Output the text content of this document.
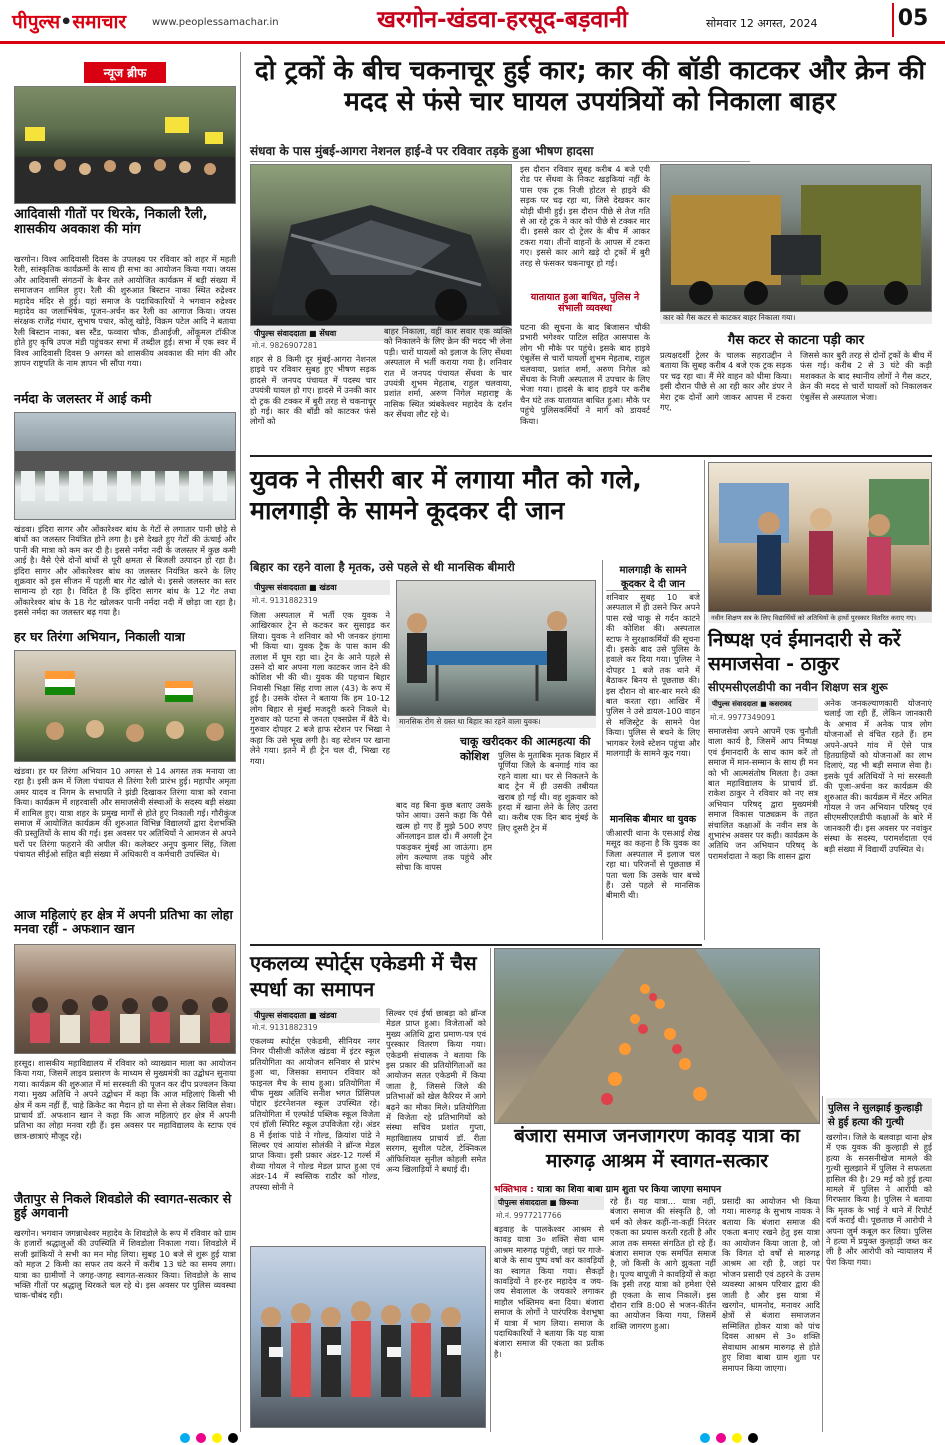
पीपुल्स•समाचार	www.peoplessamachar.in	खरगोन-खंडवा-हरसूद-बड़वानी	सोमवार 12 अगस्त, 2024	05
न्यूज ब्रीफ
आदिवासी गीतों पर थिरके, निकाली रैली, शासकीय अवकाश की मांग
खरगोन। विश्व आदिवासी दिवस के उपलक्ष्य पर रविवार को शहर में महती रैली, सांस्कृतिक कार्यक्रमों के साथ ही सभा का आयोजन किया गया। जयस और आदिवासी संगठनों के बैनर तले आयोजित कार्यक्रम में बड़ी संख्या में समाजजन शामिल हुए। रैली की शुरुआत बिस्टान नाका स्थित रुद्रेश्वर महादेव मंदिर से हुई। यहां समाज के पदाधिकारियों ने भगवान रुद्रेश्वर महादेव का जलाभिषेक, पूजन-अर्चन कर रैली का आगाज किया। जयस संरक्षक राजेंद्र गंधार, सुभाष पचार, कोलू खोड़े, विक्रम पटेल आदि ने बताया रैली बिस्टान नाका, बस स्टैंड, फव्वारा चौक, डीआईजी, ओंकूमल टॉकीज होते हुए कृषि उपज मंडी पहुंचकर सभा में तब्दील हुई। सभा में एक स्वर में विश्व आदिवासी दिवस 9 अगस्त को शासकीय अवकाश की मांग की और ज्ञापन राष्ट्रपति के नाम ज्ञापन भी सौंपा गया।
नर्मदा के जलस्तर में आई कमी
खंडवा। इंदिरा सागर और ओंकारेश्वर बांध के गेटों से लगातार पानी छोड़े से बांधों का जलस्तर नियंत्रित होने लगा है। इसे देखते हुए गेटों की ऊंचाई और पानी की मात्रा को कम कर दी है। इससे नर्मदा नदी के जलस्तर में कुछ कमी आई है। वैसे ऐसे दोनों बांधों से पूरी क्षमता से बिजली उत्पादन हो रहा है। इंदिरा सागर और ओंकारेश्वर बांध का जलस्तर नियंत्रित करने के लिए शुक्रवार को इस सीजन में पहली बार गेट खोले थे। इससे जलस्तर का स्तर सामान्य हो रहा है। विदित है कि इंदिरा सागर बांध के 12 गेट तथा ओंकारेश्वर बांध के 18 गेट खोलकर पानी नर्मदा नदी में छोड़ा जा रहा है। इससे नर्मदा का जलस्तर बढ़ गया है।
हर घर तिरंगा अभियान, निकाली यात्रा
खंडवा। हर घर तिरंगा अभियान 10 अगस्त से 14 अगस्त तक मनाया जा रहा है। इसी क्रम में जिला पंचायत से तिरंगा रैली प्रारंभ हुई। महापौर अमृता अमर यादव व निगम के सभापति ने झंडी दिखाकर तिरंगा यात्रा को रवाना किया। कार्यक्रम में शहरवासी और समाजसेवी संस्थाओं के सदस्य बड़ी संख्या में शामिल हुए। यात्रा शहर के प्रमुख मार्गों से होते हुए निकाली गई। गौरीकुंज समाज में आयोजित कार्यक्रम की शुरुआत विभिन्न विद्यालयों द्वारा देशभक्ति की प्रस्तुतियों के साथ की गई। इस अवसर पर अतिथियों ने आमजन से अपने घरों पर तिरंगा फहराने की अपील की। कलेक्टर अनूप कुमार सिंह, जिला पंचायत सीईओ सहित बड़ी संख्या में अधिकारी व कर्मचारी उपस्थित थे।
आज महिलाएं हर क्षेत्र में अपनी प्रतिभा का लोहा मनवा रहीं - अफशान खान
हरसूद। शासकीय महाविद्यालय में रविवार को व्याख्यान माला का आयोजन किया गया, जिसमें लाइव प्रसारण के माध्यम से मुख्यमंत्री का उद्बोधन सुनाया गया। कार्यक्रम की शुरुआत में मां सरस्वती की पूजन कर दीप प्रज्वलन किया गया। मुख्य अतिथि ने अपने उद्बोधन में कहा कि आज महिलाएं किसी भी क्षेत्र में कम नहीं हैं, चाहे क्रिकेट का मैदान हो या सेना से लेकर सिविल सेवा। प्राचार्य डॉ. अफशान खान ने कहा कि आज महिलाएं हर क्षेत्र में अपनी प्रतिभा का लोहा मनवा रही हैं। इस अवसर पर महाविद्यालय के स्टाफ एवं छात्र-छात्राएं मौजूद रहे।
जैतापुर से निकले शिवडोले की स्वागत-सत्कार से हुई अगवानी
खरगोन। भगवान जगन्नाथेश्वर महादेव के शिवडोले के रूप में रविवार को ग्राम के हजारों श्रद्धालुओं की उपस्थिति में शिवडोला निकाला गया। शिवडोले में सजी झांकियों ने सभी का मन मोह लिया। सुबह 10 बजे से शुरू हुई यात्रा को महज 2 किमी का सफर तय करने में करीब 13 घंटे का समय लगा। यात्रा का ग्रामीणों ने जगह-जगह स्वागत-सत्कार किया। शिवडोले के साथ भक्ति गीतों पर श्रद्धालु थिरकते चल रहे थे। इस अवसर पर पुलिस व्यवस्था चाक-चौबंद रही।
दो ट्रकों के बीच चकनाचूर हुई कार; कार की बॉडी काटकर और क्रेन की मदद से फंसे चार घायल उपयंत्रियों को निकाला बाहर
संधवा के पास मुंबई-आगरा नेशनल हाई-वे पर रविवार तड़के हुआ भीषण हादसा
पीपुल्स संवाददाता ■ सेंधवा
मो.नं. 9826907281
शहर से 8 किमी दूर मुंबई-आगरा नेशनल हाइवे पर रविवार सुबह हुए भीषण सड़क हादसे में जनपद पंचायत में पदस्थ चार उपयंत्री घायल हो गए। हादसे में उनकी कार दो ट्रक की टक्कर में बुरी तरह से चकनाचूर हो गई। कार की बॉडी को काटकर फंसे लोगों को
बाहर निकाला, वहीं कार सवार एक व्यक्ति को निकालने के लिए क्रेन की मदद भी लेना पड़ी। चारों घायलों को इलाज के लिए सेंधवा अस्पताल में भर्ती कराया गया है। शनिवार रात में जनपद पंचायत सेंधवा के चार उपयंत्री शुभम मेहताब, राहुल चलवाया, प्रशांत शर्मा, अरुण निगेल महाराष्ट्र के नासिक स्थित त्र्यंबकेश्वर महादेव के दर्शन कर सेंधवा लौट रहे थे।
इस दौरान रविवार सुबह करीब 4 बजे एवी रोड पर सेंधवा के निकट खड़कियां नहीं के पास एक ट्रक निजी होटल से हाइवे की सड़क पर चढ़ रहा था, जिसे देखकर कार थोड़ी धीमी हुई। इस दौरान पीछे से तेज गति से आ रहे ट्रक ने कार को पीछे से टक्कर मार दी। इससे कार दो ट्रेलर के बीच में आकर टकरा गया। तीनों वाहनों के आपस में टकरा गए। इससे कार आगे खड़े दो ट्रकों में बुरी तरह से फंसकर चकनाचूर हो गई।
यातायात हुआ बाधित, पुलिस ने संभाली व्यवस्था
घटना की सूचना के बाद बिजासन चौकी प्रभारी भगेश्वर पाटिल सहित आसपास के लोग भी मौके पर पहुंचे। इसके बाद हाइवे एंबुलेंस से चारों घायलों शुभम मेहताब, राहुल चलवाया, प्रशांत शर्मा, अरुण निगेल को सेंधवा के निजी अस्पताल में उपचार के लिए भेजा गया। हादसे के बाद हाइवे पर करीब चैन घंटे तक यातायात बाधित हुआ। मौके पर पहुंचे पुलिसकर्मियों ने मार्ग को डायवर्ट किया।
कार को गैस कटर से काटकर बाहर निकाला गया।
गैस कटर से काटना पड़ी कार
प्रत्यक्षदर्शी ट्रेलर के चालक सहराउद्दीन ने बताया कि सुबह करीब 4 बजे एक ट्रक सड़क पर चढ़ रहा था। मैं मेरे वाहन को धीमा किया। इसी दौरान पीछे से आ रही कार और डंपर ने मेरा ट्रक दोनों आगे जाकर आपस में टकरा गए,
जिससे कार बुरी तरह से दोनों ट्रकों के बीच में फंस गई। करीब 2 से 3 घंटे की कड़ी मशक्कत के बाद स्थानीय लोगों ने गैस कटर, क्रेन की मदद से चारों घायलों को निकालकर एंबुलेंस से अस्पताल भेजा।
युवक ने तीसरी बार में लगाया मौत को गले, मालगाड़ी के सामने कूदकर दी जान
बिहार का रहने वाला है मृतक, उसे पहले से थी मानसिक बीमारी
पीपुल्स संवाददाता ■ खंडवा
मो.नं. 9131882319
जिला अस्पताल में भर्ती एक युवक ने आखिरकार ट्रेन से कटकर कर सुसाइड कर लिया। युवक ने शनिवार को भी जनकर हंगामा भी किया था। युवक ट्रैक के पास काम की तलाश में घूम रहा था। ट्रेन के आने पहले से उसने दो बार अपना गला काटकर जान देने की कोशिश भी की थी। युवक की पहचान बिहार निवासी भिक्षा सिंह राणा लाल (43) के रूप में हुई है। उसके दोस्त ने बताया कि हम 10-12 लोग बिहार से मुंबई मजदूरी करने निकले थे। गुरुवार को पटना से जनता एक्सप्रेस में बैठे थे। गुरुवार दोपहर 2 बजे हाफ स्टेशन पर भिखा ने कहा कि उसे भूख लगी है। वह स्टेशन पर खाना लेने गया। इतने में ही ट्रेन चल दी, भिखा रह गया।
मानसिक रोग से ग्रस्त था बिहार का रहने वाला युवक।
बाद वह बिना कुछ बताए उसके फोन आया। उसने कहा कि पैसे खत्म हो गए हैं मुझे 500 रुपए ऑनलाइन डाल दो। मैं अगली ट्रेन पकड़कर मुंबई आ जाऊंगा। हम लोग कल्याण तक पहुंचे और सोचा कि वापस
चाकू खरीदकर की आत्महत्या की कोशिश	पुलिस के मुताबिक मृतक बिहार में पूर्णिया जिले के बनगाई गांव का रहने वाला था। घर से निकलने के बाद ट्रेन में ही उसकी तबीयत खराब हो गई थी। वह शुक्रवार को हरदा में खाना लेने के लिए उतरा था। करीब एक दिन बाद मुंबई के लिए दूसरी ट्रेन में
मालगाड़ी के सामने कूदकर दे दी जान
शनिवार सुबह 10 बजे अस्पताल में ही उसने फिर अपने पास रखे चाकू से गर्दन काटने की कोशिश की। अस्पताल स्टाफ ने सुरक्षाकर्मियों की सूचना दी। इसके बाद उसे पुलिस के हवाले कर दिया गया। पुलिस ने दोपहर 1 बजे तक थाने में बैठाकर बिनय से पूछताछ की। इस दौरान वो बार-बार मरने की बात करता रहा। आखिर में पुलिस ने उसे डायल-100 वाहन से मजिस्ट्रेट के सामने पेश किया। पुलिस से बचने के लिए भागकर रेलवे स्टेशन पहुंचा और मालगाड़ी के सामने कूद गया।
मानसिक बीमार था युवक
जीआरपी थाना के एसआई शेख मसूद का कहना है कि युवक का जिला अस्पताल में इलाज चल रहा था। परिजनों से पूछताछ में पता चला कि उसके चार बच्चे हैं। उसे पहले से मानसिक बीमारी थी।
नवीन शिक्षण सत्र के लिए विद्यार्थियों को अतिथियों के हाथों पुरस्कार वितरित कराए गए।
निष्पक्ष एवं ईमानदारी से करें समाजसेवा - ठाकुर
सीएमसीएलडीपी का नवीन शिक्षण सत्र शुरू
पीपुल्स संवाददाता ■ कसरावद
मो.नं. 9977349091
समाजसेवा अपने आपमें एक चुनौती वाला कार्य है, जिसमें आप निष्पक्ष एवं ईमानदारी के साथ काम करें तो समाज में मान-सम्मान के साथ ही मन को भी आत्मसंतोष मिलता है। उक्त बात महाविद्यालय के प्राचार्य डॉ. राकेश ठाकुर ने रविवार को नए सत्र अभियान परिषद् द्वारा मुख्यमंत्री समाज विकास पाठ्यक्रम के तहत संचालित कक्षाओं के नवीन सत्र के शुभारंभ अवसर पर कही। कार्यक्रम के अतिथि जन अभियान परिषद् के परामर्शदाता ने कहा कि शासन द्वारा
अनेक जनकल्याणकारी योजनाएं चलाई जा रही हैं, लेकिन जानकारी के अभाव में अनेक पात्र लोग योजनाओं से वंचित रहते हैं। हम अपने-अपने गांव में ऐसे पात्र हितग्राहियों को योजनाओं का लाभ दिलाएं, यह भी बड़ी समाज सेवा है। इसके पूर्व अतिथियों ने मां सरस्वती की पूजा-अर्चना कर कार्यक्रम की शुरुआत की। कार्यक्रम में मेंटर अमित गोयल ने जन अभियान परिषद् एवं सीएमसीएलडीपी कक्षाओं के बारे में जानकारी दी। इस अवसर पर नवांकुर संस्था के सदस्य, परामर्शदाता एवं बड़ी संख्या में विद्यार्थी उपस्थित थे।
एकलव्य स्पोर्ट्स एकेडमी में चैस स्पर्धा का समापन
पीपुल्स संवाददाता ■ खंडवा
मो.नं. 9131882319
एकलव्य स्पोर्ट्स एकेडमी, सीनियर नगर निगर पीसीजी कॉलेज खंडवा में इंटर स्कूल प्रतियोगिता का आयोजन सनिवार से प्रारंभ हुआ था, जिसका समापन रविवार को फाइनल मैच के साथ हुआ। प्रतियोगिता में चीफ मुख्य अतिथि सनीश भगत प्रिंसिपल पोद्दार इंटरनेशनल स्कूल उपस्थित रहे। प्रतियोगिता में एल्फोर्ड पब्लिक स्कूल विजेता एवं हॉली स्पिरिट स्कूल उपविजेता रहे। अंडर 8 में ईशांक पांडे ने गोल्ड, क्रियांश पांडे ने सिल्वर एवं आयांश सोलंकी ने ब्रॉन्ज मेडल प्राप्त किया। इसी प्रकार अंडर-12 गर्ल्स में शैव्या गोयल ने गोल्ड मेडल प्राप्त हुआ एवं अंडर-14 में स्वस्तिक राठौर को गोल्ड, तपस्या सोनी ने
सिल्वर एवं ईर्षा छाबड़ा को ब्रॉन्ज मेडल प्राप्त हुआ। विजेताओं को मुख्य अतिथि द्वारा प्रमाण-पत्र एवं पुरस्कार वितरण किया गया। एकेडमी संचालक ने बताया कि इस प्रकार की प्रतियोगिताओं का आयोजन सतत एकेडमी में किया जाता है, जिससे जिले की प्रतिभाओं को खेल कैरियर में आगे बढ़ने का मौका मिले। प्रतियोगिता में विजेता रहे प्रतिभागियों को संस्था सचिव प्रशांत गुप्ता, महाविद्यालय प्राचार्य डॉ. रीता सरगम, सुशील पटेल, टेक्निकल ऑफिशियल सुनील कोहली समेत अन्य खिलाड़ियों ने बधाई दी।
बंजारा समाज जनजागरण कावड़ यात्रा का मारुगढ़ आश्रम में स्वागत-सत्कार
भक्तिभाव : यात्रा का शिवा बाबा ग्राम शुता पर किया जाएगा समापन
पीपुल्स संवाददाता ■ छिरूवा
मो.नं. 9977217766
बड़वाह के पालकेश्वर आश्रम से कावड़ यात्रा 3० शक्ति सेवा धाम आश्रम मारुगढ़ पहुंची, जहां पर गाजे-बाजे के साथ पुष्प वर्षा कर कावड़ियों का स्वागत किया गया। सैकड़ों कावड़ियों ने हर-हर महादेव व जय-जय सेवालाल के जयकारे लगाकर माहौल भक्तिमय बना दिया। बंजारा समाज के लोगों ने पारंपरिक वेशभूषा में यात्रा में भाग लिया। समाज के पदाधिकारियों ने बताया कि यह यात्रा बंजारा समाज की एकता का प्रतीक है।
रहे हैं। यह यात्रा... यात्रा नहीं, बंजारा समाज की संस्कृति है, जो धर्म को लेकर कहीं-ना-कहीं निरंतर एकता का प्रयास करती रहती है और आज तक समस्त संगठित हो रहे हैं। बंजारा समाज एक समर्पित समाज है, जो किसी के आगे झुकता नहीं है। पूज्य बापूजी ने कावड़ियों से कहा कि इसी तरह यात्रा को हमेशा ऐसे ही एकता के साथ निकालें। इस दौरान रात्रि 8:00 से भजन-कीर्तन का आयोजन किया गया, जिसमें शक्ति जागरण हुआ।
प्रसादी का आयोजन भी किया गया। मारुगढ़ के सुभाष नायक ने बताया कि बंजारा समाज की एकता बनाए रखने हेतु इस यात्रा का आयोजन किया जाता है, जो कि विगत दो वर्षों से मारुगढ़ आश्रम आ रही है, जहां पर भोजन प्रसादी एवं ठहरने के उत्तम व्यवस्था आश्रम परिवार द्वारा की जाती है और इस यात्रा में खरगोन, धामनोद, मनावर आदि क्षेत्रों से बंजारा समाजजन सम्मिलित होकर यात्रा को पांच दिवस आश्रम से 3० शक्ति सेवाधाम आश्रम मारुगढ़ से होते हुए शिवा बाबा ग्राम शुता पर समापन किया जाएगा।
पुलिस ने सुलझाई कुल्हाड़ी से हुई हत्या की गुत्थी
खरगोन। जिले के बलवाड़ा थाना क्षेत्र में एक युवक की कुल्हाड़ी से हुई हत्या के सनसनीखेज मामले की गुत्थी सुलझाने में पुलिस ने सफलता हासिल की है। 29 मई को हुई हत्या मामले में पुलिस ने आरोपी को गिरफ्तार किया है। पुलिस ने बताया कि मृतक के भाई ने थाने में रिपोर्ट दर्ज कराई थी। पूछताछ में आरोपी ने अपना जुर्म कबूल कर लिया। पुलिस ने हत्या में प्रयुक्त कुल्हाड़ी जब्त कर ली है और आरोपी को न्यायालय में पेश किया गया।
